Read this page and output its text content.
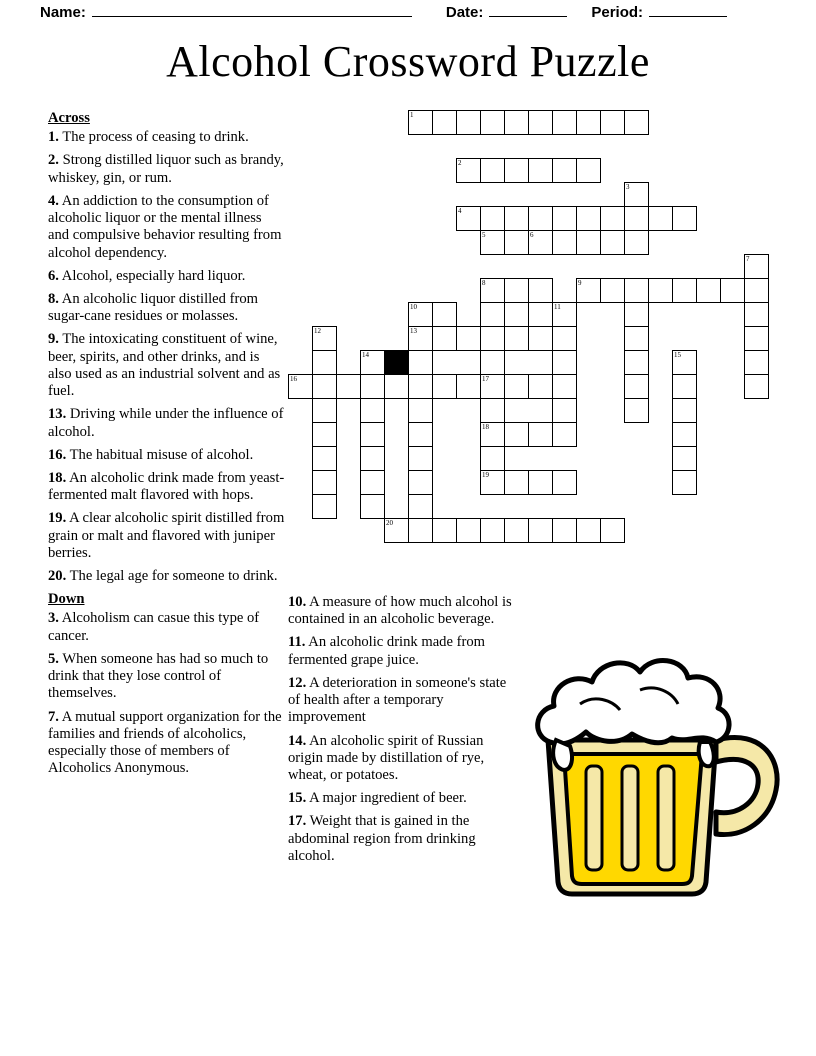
Name:	Date:	Period:
Alcohol Crossword Puzzle
Across
1. The process of ceasing to drink.
2. Strong distilled liquor such as brandy, whiskey, gin, or rum.
4. An addiction to the consumption of alcoholic liquor or the mental illness and compulsive behavior resulting from alcohol dependency.
6. Alcohol, especially hard liquor.
8. An alcoholic liquor distilled from sugar-cane residues or molasses.
9. The intoxicating constituent of wine, beer, spirits, and other drinks, and is also used as an industrial solvent and as fuel.
13. Driving while under the influence of alcohol.
16. The habitual misuse of alcohol.
18. An alcoholic drink made from yeast-fermented malt flavored with hops.
19. A clear alcoholic spirit distilled from grain or malt and flavored with juniper berries.
20. The legal age for someone to drink.
Down
3. Alcoholism can casue this type of cancer.
5. When someone has had so much to drink that they lose control of themselves.
7. A mutual support organization for the families and friends of alcoholics, especially those of members of Alcoholics Anonymous.
10. A measure of how much alcohol is contained in an alcoholic beverage.
11. An alcoholic drink made from fermented grape juice.
12. A deterioration in someone's state of health after a temporary improvement
14. An alcoholic spirit of Russian origin made by distillation of rye, wheat, or potatoes.
15. A major ingredient of beer.
17. Weight that is gained in the abdominal region from drinking alcohol.
1
2
3
4
5	6
7
8	9
10	11
12	13
14	15
16	17
18
19
20
